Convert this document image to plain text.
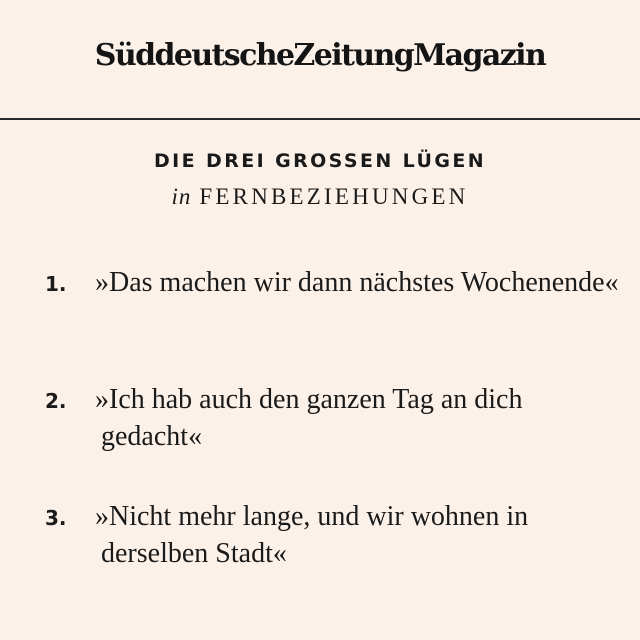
SüddeutscheZeitungMagazin
DIE DREI GROSSEN LÜGEN
in FERNBEZIEHUNGEN
1. »Das machen wir dann nächstes Wochenende«
2. »Ich hab auch den ganzen Tag an dich gedacht«
3. »Nicht mehr lange, und wir wohnen in derselben Stadt«
